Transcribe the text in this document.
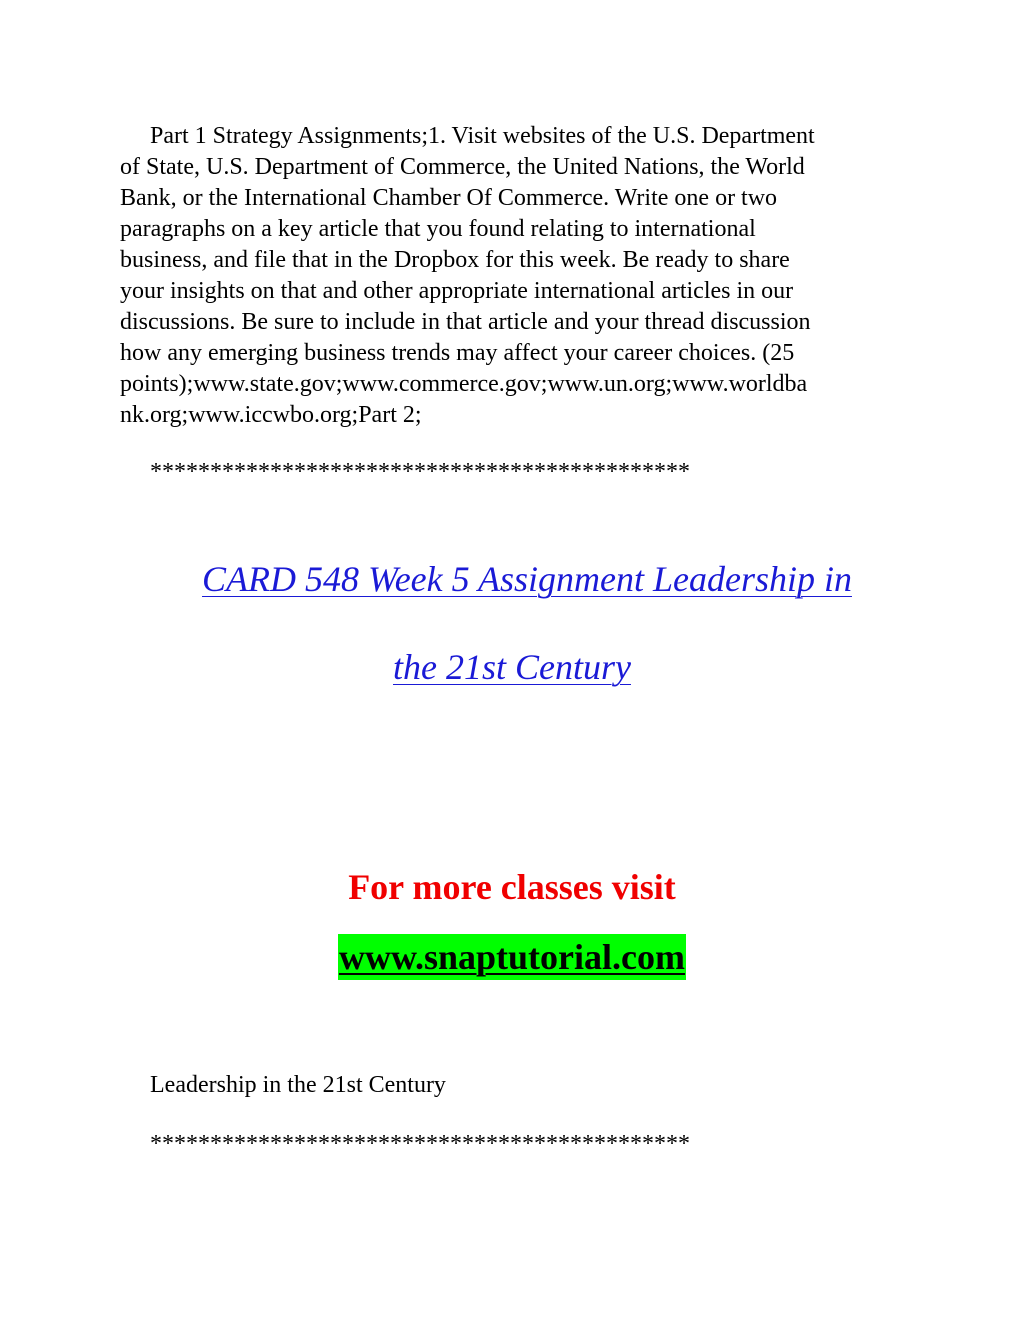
Part 1 Strategy Assignments;1. Visit websites of the U.S. Department
of State, U.S. Department of Commerce, the United Nations, the World
Bank, or the International Chamber Of Commerce. Write one or two
paragraphs on a key article that you found relating to international
business, and file that in the Dropbox for this week. Be ready to share
your insights on that and other appropriate international articles in our
discussions. Be sure to include in that article and your thread discussion
how any emerging business trends may affect your career choices. (25
points);www.state.gov;www.commerce.gov;www.un.org;www.worldba
nk.org;www.iccwbo.org;Part 2;

*********************************************

CARD 548 Week 5 Assignment Leadership in
the 21st Century

For more classes visit

www.snaptutorial.com

Leadership in the 21st Century

*********************************************
